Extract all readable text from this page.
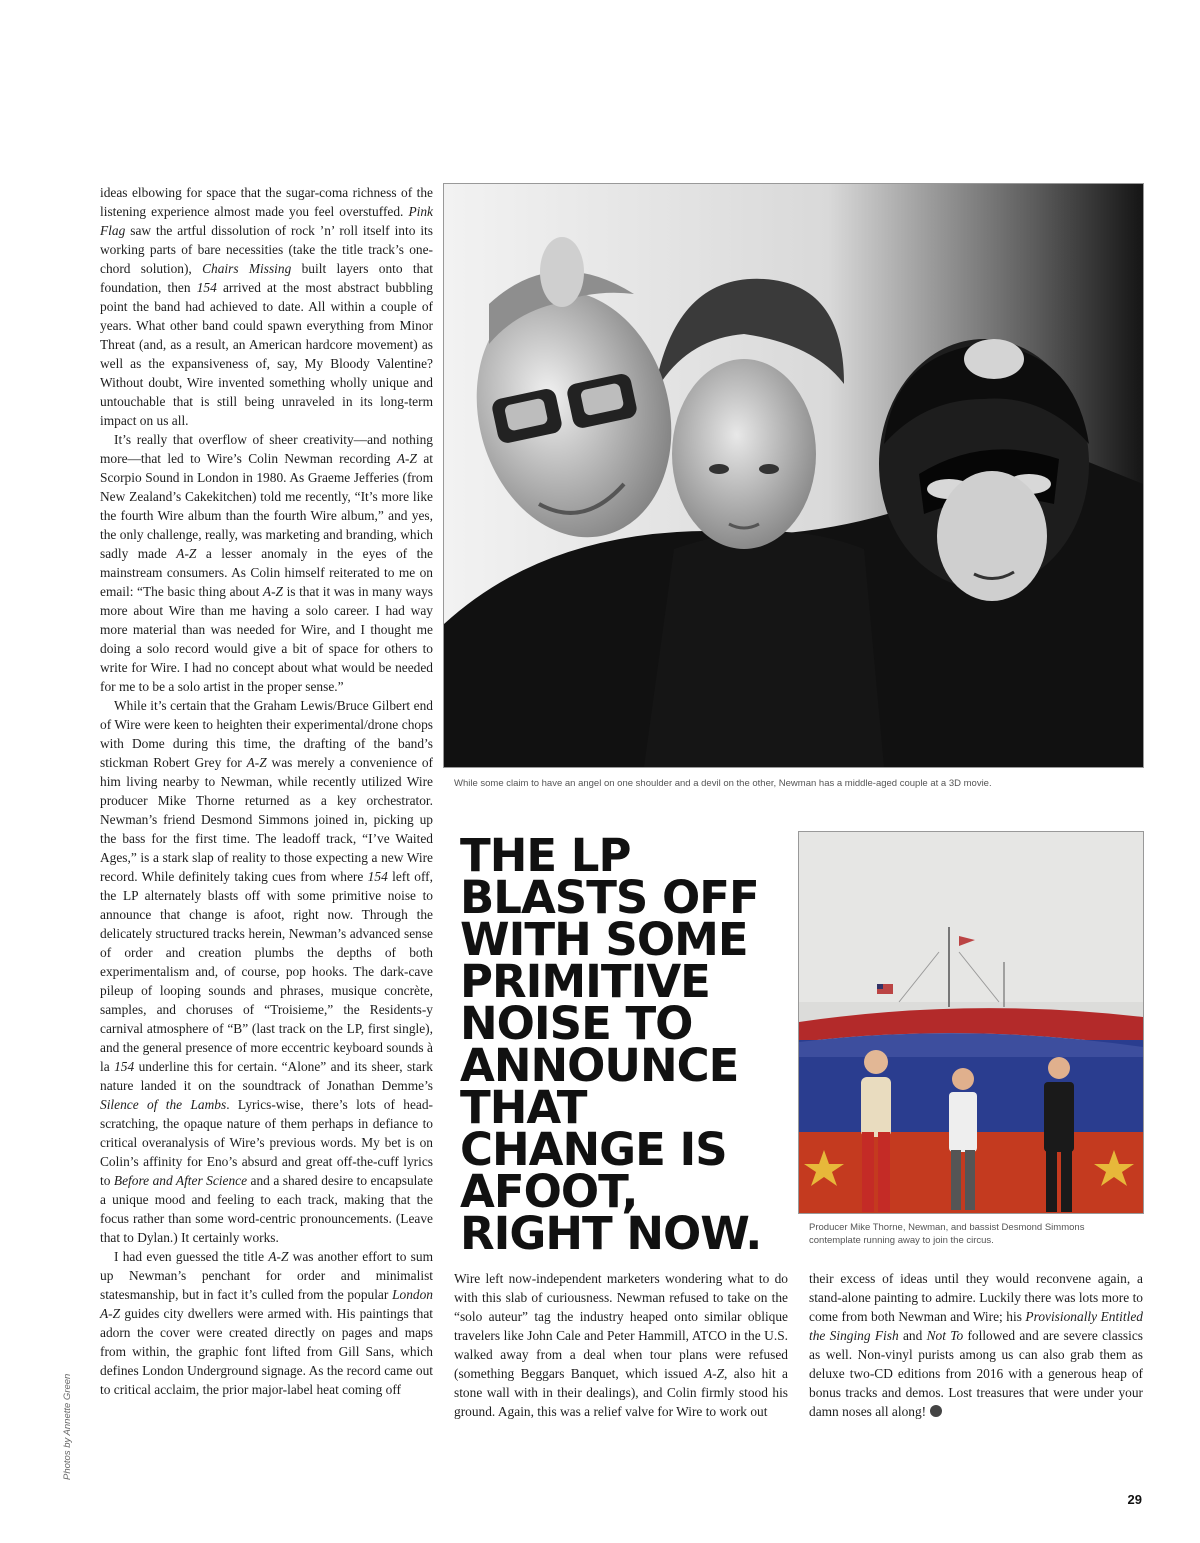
ideas elbowing for space that the sugar-coma richness of the listening experience almost made you feel overstuffed. Pink Flag saw the artful dissolution of rock ’n’ roll itself into its working parts of bare necessities (take the title track’s one-chord solution), Chairs Missing built layers onto that foundation, then 154 arrived at the most abstract bubbling point the band had achieved to date. All within a couple of years. What other band could spawn everything from Minor Threat (and, as a result, an American hardcore movement) as well as the expansiveness of, say, My Bloody Valentine? Without doubt, Wire invented something wholly unique and untouchable that is still being unraveled in its long-term impact on us all.

It’s really that overflow of sheer creativity—and nothing more—that led to Wire’s Colin Newman recording A-Z at Scorpio Sound in London in 1980. As Graeme Jefferies (from New Zealand’s Cakekitchen) told me recently, “It’s more like the fourth Wire album than the fourth Wire album,” and yes, the only challenge, really, was marketing and branding, which sadly made A-Z a lesser anomaly in the eyes of the mainstream consumers. As Colin himself reiterated to me on email: “The basic thing about A-Z is that it was in many ways more about Wire than me having a solo career. I had way more material than was needed for Wire, and I thought me doing a solo record would give a bit of space for others to write for Wire. I had no concept about what would be needed for me to be a solo artist in the proper sense.”

While it’s certain that the Graham Lewis/Bruce Gilbert end of Wire were keen to heighten their experimental/drone chops with Dome during this time, the drafting of the band’s stickman Robert Grey for A-Z was merely a convenience of him living nearby to Newman, while recently utilized Wire producer Mike Thorne returned as a key orchestrator. Newman’s friend Desmond Simmons joined in, picking up the bass for the first time. The leadoff track, “I’ve Waited Ages,” is a stark slap of reality to those expecting a new Wire record. While definitely taking cues from where 154 left off, the LP alternately blasts off with some primitive noise to announce that change is afoot, right now. Through the delicately structured tracks herein, Newman’s advanced sense of order and creation plumbs the depths of both experimentalism and, of course, pop hooks. The dark-cave pileup of looping sounds and phrases, musique concrète, samples, and choruses of “Troisieme,” the Residents-y carnival atmosphere of “B” (last track on the LP, first single), and the general presence of more eccentric keyboard sounds à la 154 underline this for certain. “Alone” and its sheer, stark nature landed it on the soundtrack of Jonathan Demme’s Silence of the Lambs. Lyrics-wise, there’s lots of head-scratching, the opaque nature of them perhaps in defiance to critical overanalysis of Wire’s previous words. My bet is on Colin’s affinity for Eno’s absurd and great off-the-cuff lyrics to Before and After Science and a shared desire to encapsulate a unique mood and feeling to each track, making that the focus rather than some word-centric pronouncements. (Leave that to Dylan.) It certainly works.

I had even guessed the title A-Z was another effort to sum up Newman’s penchant for order and minimalist statesmanship, but in fact it’s culled from the popular London A-Z guides city dwellers were armed with. His paintings that adorn the cover were created directly on pages and maps from within, the graphic font lifted from Gill Sans, which defines London Underground signage. As the record came out to critical acclaim, the prior major-label heat coming off

While some claim to have an angel on one shoulder and a devil on the other, Newman has a middle-aged couple at a 3D movie.
THE LP BLASTS OFF WITH SOME PRIMITIVE NOISE TO ANNOUNCE THAT CHANGE IS AFOOT, RIGHT NOW.	Producer Mike Thorne, Newman, and bassist Desmond Simmons contemplate running away to join the circus.

Wire left now-independent marketers wondering what to do with this slab of curiousness. Newman refused to take on the “solo auteur” tag the industry heaped onto similar oblique travelers like John Cale and Peter Hammill, ATCO in the U.S. walked away from a deal when tour plans were refused (something Beggars Banquet, which issued A-Z, also hit a stone wall with in their dealings), and Colin firmly stood his ground. Again, this was a relief valve for Wire to work out

their excess of ideas until they would reconvene again, a stand-alone painting to admire. Luckily there was lots more to come from both Newman and Wire; his Provisionally Entitled the Singing Fish and Not To followed and are severe classics as well. Non-vinyl purists among us can also grab them as deluxe two-CD editions from 2016 with a generous heap of bonus tracks and demos. Lost treasures that were under your damn noses all along!

Photos by Annette Green
29
